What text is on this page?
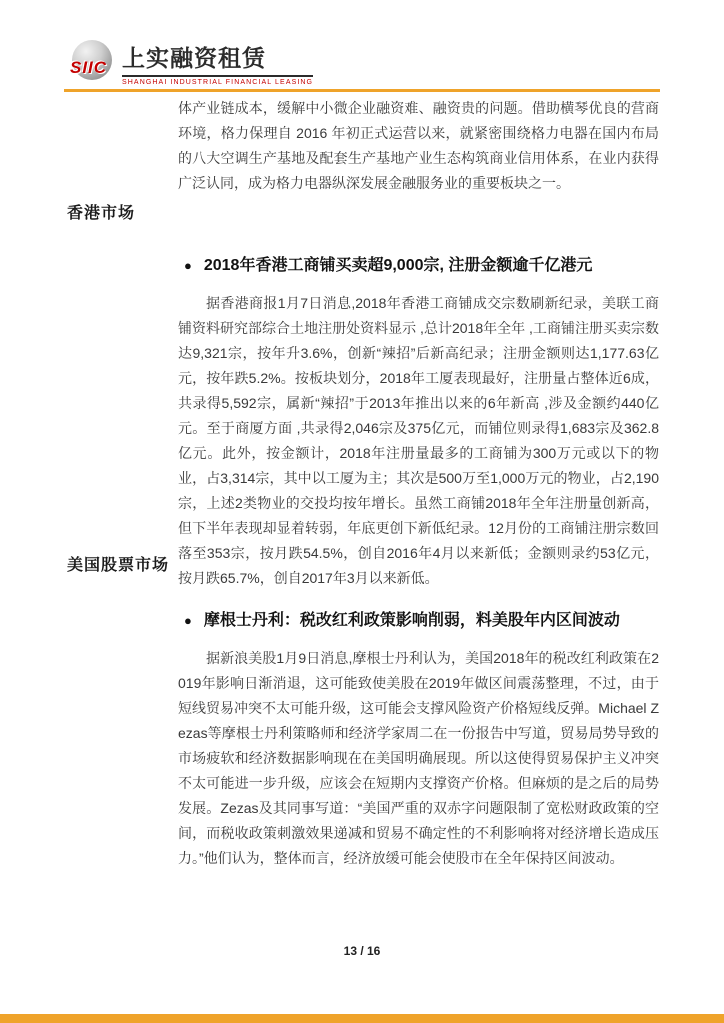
SIIC 上实融资租赁
SHANGHAI INDUSTRIAL FINANCIAL LEASING

体产业链成本，缓解中小微企业融资难、融资贵的问题。借助横琴优良的营商环境，格力保理自 2016 年初正式运营以来，就紧密围绕格力电器在国内布局的八大空调生产基地及配套生产基地产业生态构筑商业信用体系，在业内获得广泛认同，成为格力电器纵深发展金融服务业的重要板块之一。

香港市场
● 2018年香港工商铺买卖超9,000宗, 注册金额逾千亿港元

据香港商报1月7日消息,2018年香港工商铺成交宗数刷新纪录，美联工商铺资料研究部综合土地注册处资料显示 ,总计2018年全年 ,工商铺注册买卖宗数达9,321宗，按年升3.6%，创新“辣招”后新高纪录；注册金额则达1,177.63亿元，按年跌5.2%。按板块划分，2018年工厦表现最好，注册量占整体近6成，共录得5,592宗，属新“辣招”于2013年推出以来的6年新高 ,涉及金额约440亿元。至于商厦方面 ,共录得2,046宗及375亿元，而铺位则录得1,683宗及362.8亿元。此外，按金额计，2018年注册量最多的工商铺为300万元或以下的物业，占3,314宗，其中以工厦为主；其次是500万至1,000万元的物业，占2,190宗，上述2类物业的交投均按年增长。虽然工商铺2018年全年注册量创新高，但下半年表现却显着转弱，年底更创下新低纪录。12月份的工商铺注册宗数回落至353宗，按月跌54.5%，创自2016年4月以来新低；金额则录约53亿元，按月跌65.7%，创自2017年3月以来新低。

美国股票市场
● 摩根士丹利：税改红利政策影响削弱，料美股年内区间波动

据新浪美股1月9日消息,摩根士丹利认为，美国2018年的税改红利政策在2019年影响日渐消退，这可能致使美股在2019年做区间震荡整理，不过，由于短线贸易冲突不太可能升级，这可能会支撑风险资产价格短线反弹。Michael Zezas等摩根士丹利策略师和经济学家周二在一份报告中写道，贸易局势导致的市场疲软和经济数据影响现在在美国明确展现。所以这使得贸易保护主义冲突不太可能进一步升级，应该会在短期内支撑资产价格。但麻烦的是之后的局势发展。Zezas及其同事写道：“美国严重的双赤字问题限制了宽松财政政策的空间，而税收政策刺激效果递减和贸易不确定性的不利影响将对经济增长造成压力。”他们认为，整体而言，经济放缓可能会使股市在全年保持区间波动。

13 / 16
